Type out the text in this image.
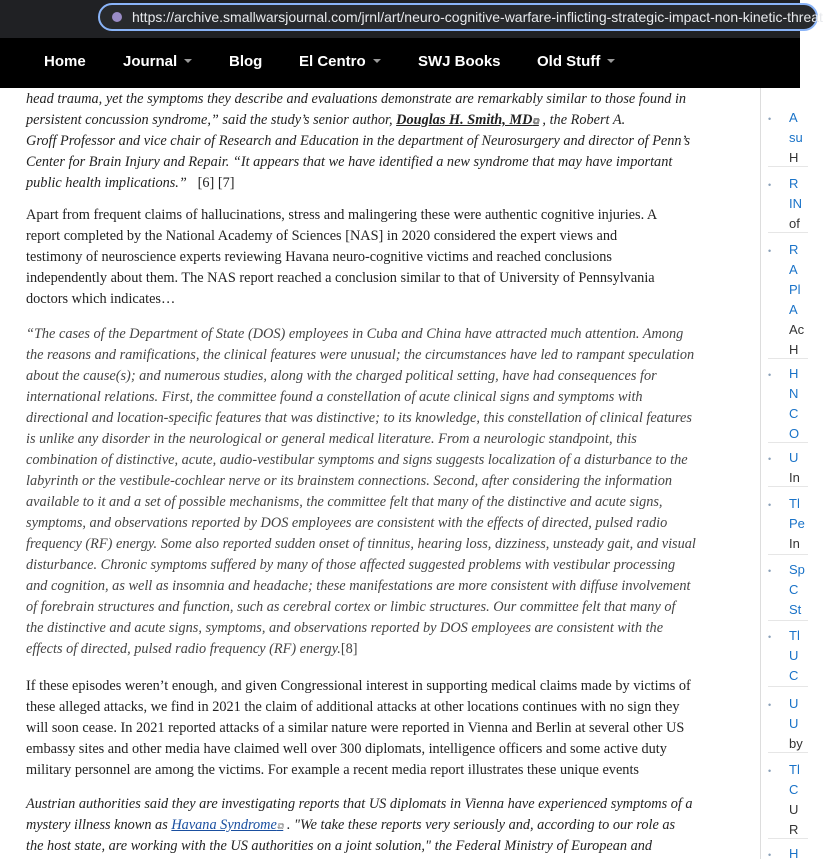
https://archive.smallwarsjournal.com/jrnl/art/neuro-cognitive-warfare-inflicting-strategic-impact-non-kinetic-threat
Home Journal	Blog El Centro	SWJ Books Old Stuff
head trauma, yet the symptoms they describe and evaluations demonstrate are remarkably similar to those found in
persistent concussion syndrome,” said the study’s senior author, Douglas H. Smith, MD⧉ , the Robert A.
Groff Professor and vice chair of Research and Education in the department of Neurosurgery and director of Penn’s
Center for Brain Injury and Repair. “It appears that we have identified a new syndrome that may have important
public health implications.” [6] [7]
Apart from frequent claims of hallucinations, stress and malingering these were authentic cognitive injuries. A
report completed by the National Academy of Sciences [NAS] in 2020 considered the expert views and
testimony of neuroscience experts reviewing Havana neuro-cognitive victims and reached conclusions
independently about them. The NAS report reached a conclusion similar to that of University of Pennsylvania
doctors which indicates…
“The cases of the Department of State (DOS) employees in Cuba and China have attracted much attention. Among
the reasons and ramifications, the clinical features were unusual; the circumstances have led to rampant speculation
about the cause(s); and numerous studies, along with the charged political setting, have had consequences for
international relations. First, the committee found a constellation of acute clinical signs and symptoms with
directional and location-specific features that was distinctive; to its knowledge, this constellation of clinical features
is unlike any disorder in the neurological or general medical literature. From a neurologic standpoint, this
combination of distinctive, acute, audio-vestibular symptoms and signs suggests localization of a disturbance to the
labyrinth or the vestibule-cochlear nerve or its brainstem connections. Second, after considering the information
available to it and a set of possible mechanisms, the committee felt that many of the distinctive and acute signs,
symptoms, and observations reported by DOS employees are consistent with the effects of directed, pulsed radio
frequency (RF) energy. Some also reported sudden onset of tinnitus, hearing loss, dizziness, unsteady gait, and visual
disturbance. Chronic symptoms suffered by many of those affected suggested problems with vestibular processing
and cognition, as well as insomnia and headache; these manifestations are more consistent with diffuse involvement
of forebrain structures and function, such as cerebral cortex or limbic structures. Our committee felt that many of
the distinctive and acute signs, symptoms, and observations reported by DOS employees are consistent with the
effects of directed, pulsed radio frequency (RF) energy.[8]
If these episodes weren’t enough, and given Congressional interest in supporting medical claims made by victims of
these alleged attacks, we find in 2021 the claim of additional attacks at other locations continues with no sign they
will soon cease. In 2021 reported attacks of a similar nature were reported in Vienna and Berlin at several other US
embassy sites and other media have claimed well over 300 diplomats, intelligence officers and some active duty
military personnel are among the victims. For example a recent media report illustrates these unique events
Austrian authorities said they are investigating reports that US diplomats in Vienna have experienced symptoms of a
mystery illness known as Havana Syndrome⧉ . "We take these reports very seriously and, according to our role as
the host state, are working with the US authorities on a joint solution," the Federal Ministry of European and
• A
su
H
• R
IN
of
• R
A
Pl
A
Ac
H
• H
N
C
O
• U
In
• Tl
Pe
In
• Sp
C
St
• Tl
U
C
• U
U
by
• Tl
C
U
R
• H
